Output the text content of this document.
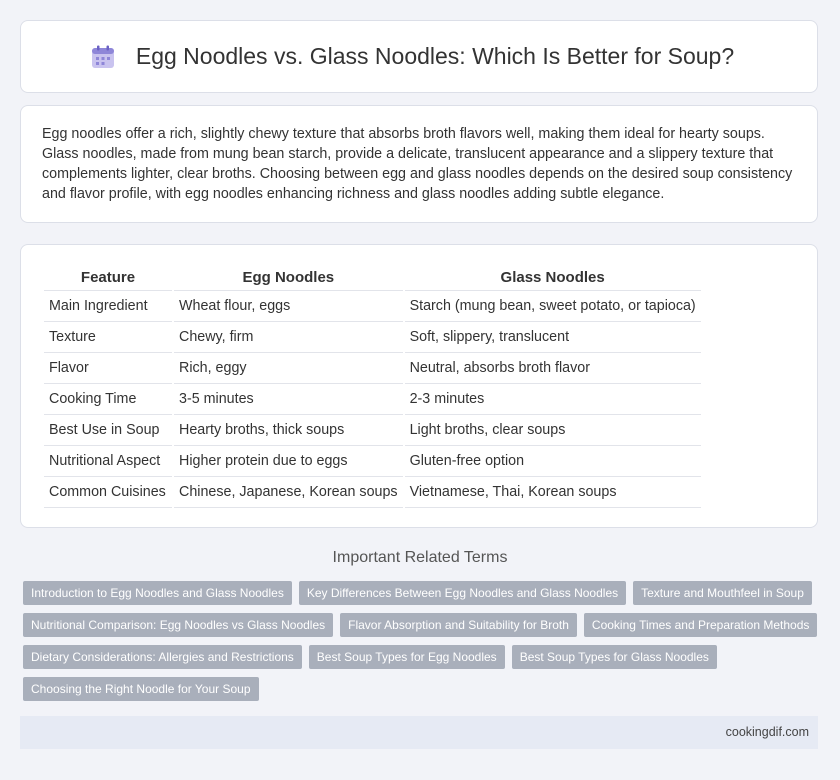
Egg Noodles vs. Glass Noodles: Which Is Better for Soup?

Egg noodles offer a rich, slightly chewy texture that absorbs broth flavors well, making them ideal for hearty soups. Glass noodles, made from mung bean starch, provide a delicate, translucent appearance and a slippery texture that complements lighter, clear broths. Choosing between egg and glass noodles depends on the desired soup consistency and flavor profile, with egg noodles enhancing richness and glass noodles adding subtle elegance.

Feature	Egg Noodles	Glass Noodles
Main Ingredient	Wheat flour, eggs	Starch (mung bean, sweet potato, or tapioca)
Texture	Chewy, firm	Soft, slippery, translucent
Flavor	Rich, eggy	Neutral, absorbs broth flavor
Cooking Time	3-5 minutes	2-3 minutes
Best Use in Soup	Hearty broths, thick soups	Light broths, clear soups
Nutritional Aspect	Higher protein due to eggs	Gluten-free option
Common Cuisines	Chinese, Japanese, Korean soups	Vietnamese, Thai, Korean soups
Important Related Terms
Introduction to Egg Noodles and Glass Noodles	Key Differences Between Egg Noodles and Glass Noodles	Texture and Mouthfeel in Soup
Nutritional Comparison: Egg Noodles vs Glass Noodles	Flavor Absorption and Suitability for Broth	Cooking Times and Preparation Methods
Dietary Considerations: Allergies and Restrictions	Best Soup Types for Egg Noodles	Best Soup Types for Glass Noodles
Choosing the Right Noodle for Your Soup
cookingdif.com
